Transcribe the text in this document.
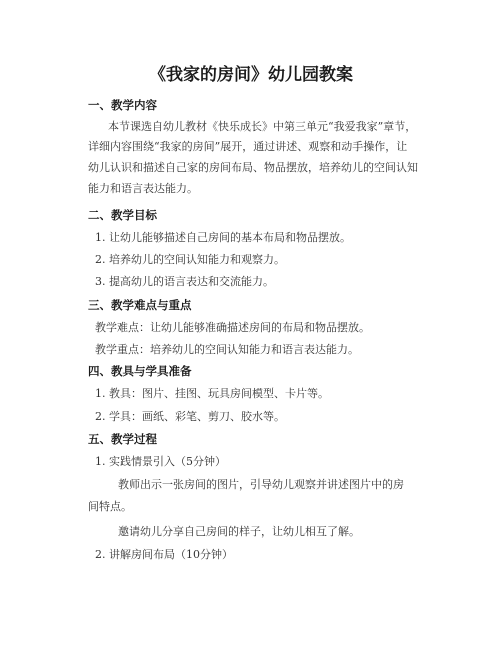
《我家的房间》幼儿园教案
一、教学内容
本节课选自幼儿教材《快乐成长》中第三单元“我爱我家”章节，
详细内容围绕“我家的房间”展开，通过讲述、观察和动手操作，让
幼儿认识和描述自己家的房间布局、物品摆放，培养幼儿的空间认知
能力和语言表达能力。
二、教学目标
1. 让幼儿能够描述自己房间的基本布局和物品摆放。
2. 培养幼儿的空间认知能力和观察力。
3. 提高幼儿的语言表达和交流能力。
三、教学难点与重点
教学难点：让幼儿能够准确描述房间的布局和物品摆放。
教学重点：培养幼儿的空间认知能力和语言表达能力。
四、教具与学具准备
1. 教具：图片、挂图、玩具房间模型、卡片等。
2. 学具：画纸、彩笔、剪刀、胶水等。
五、教学过程
1. 实践情景引入（5分钟）
教师出示一张房间的图片，引导幼儿观察并讲述图片中的房
间特点。
邀请幼儿分享自己房间的样子，让幼儿相互了解。
2. 讲解房间布局（10分钟）
